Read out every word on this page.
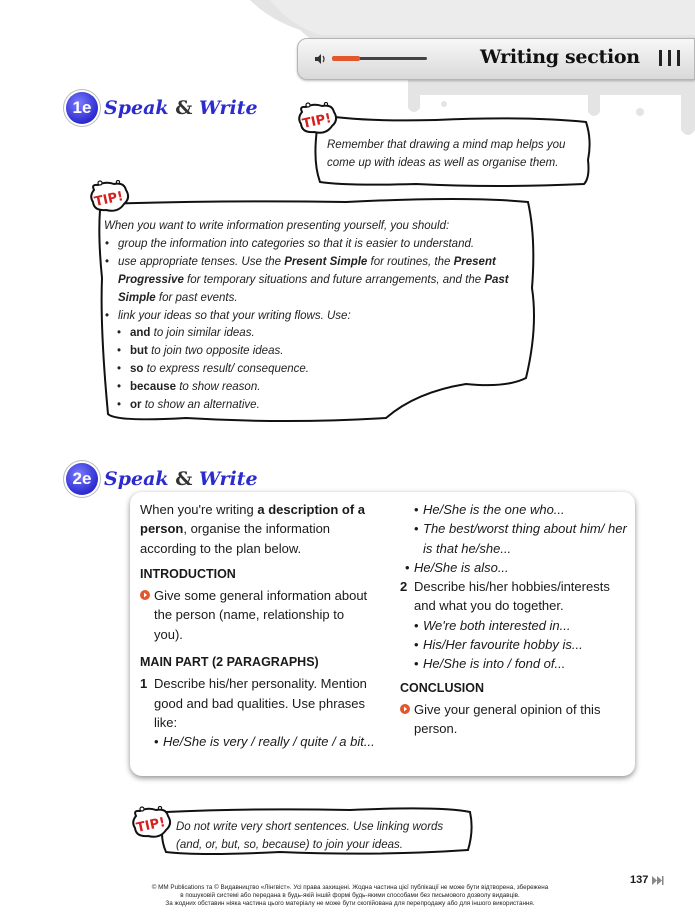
Writing section
1e Speak & Write
TIP!
Remember that drawing a mind map helps you come up with ideas as well as organise them.
TIP!
When you want to write information presenting yourself, you should:
• group the information into categories so that it is easier to understand.
• use appropriate tenses. Use the Present Simple for routines, the Present Progressive for temporary situations and future arrangements, and the Past Simple for past events.
• link your ideas so that your writing flows. Use:
• and to join similar ideas.
• but to join two opposite ideas.
• so to express result/ consequence.
• because to show reason.
• or to show an alternative.
2e Speak & Write
When you're writing a description of a person, organise the information according to the plan below.
INTRODUCTION
Give some general information about the person (name, relationship to you).
MAIN PART (2 PARAGRAPHS)
1 Describe his/her personality. Mention good and bad qualities. Use phrases like:
• He/She is very / really / quite / a bit...
• He/She is the one who...
• The best/worst thing about him/ her is that he/she...
• He/She is also...
2 Describe his/her hobbies/interests and what you do together.
• We're both interested in...
• His/Her favourite hobby is...
• He/She is into / fond of...
CONCLUSION
Give your general opinion of this person.
TIP! Do not write very short sentences. Use linking words (and, or, but, so, because) to join your ideas.
137
© MM Publications та © Видавництво «Лінгвіст». Усі права захищені. Жодна частина цієї публікації не може бути відтворена, збережена
в пошуковій системі або передана в будь-якій іншій формі будь-якими способами без письмового дозволу видавців.
За жодних обставин ніяка частина цього матеріалу не може бути скопійована для перепродажу або для іншого використання.
